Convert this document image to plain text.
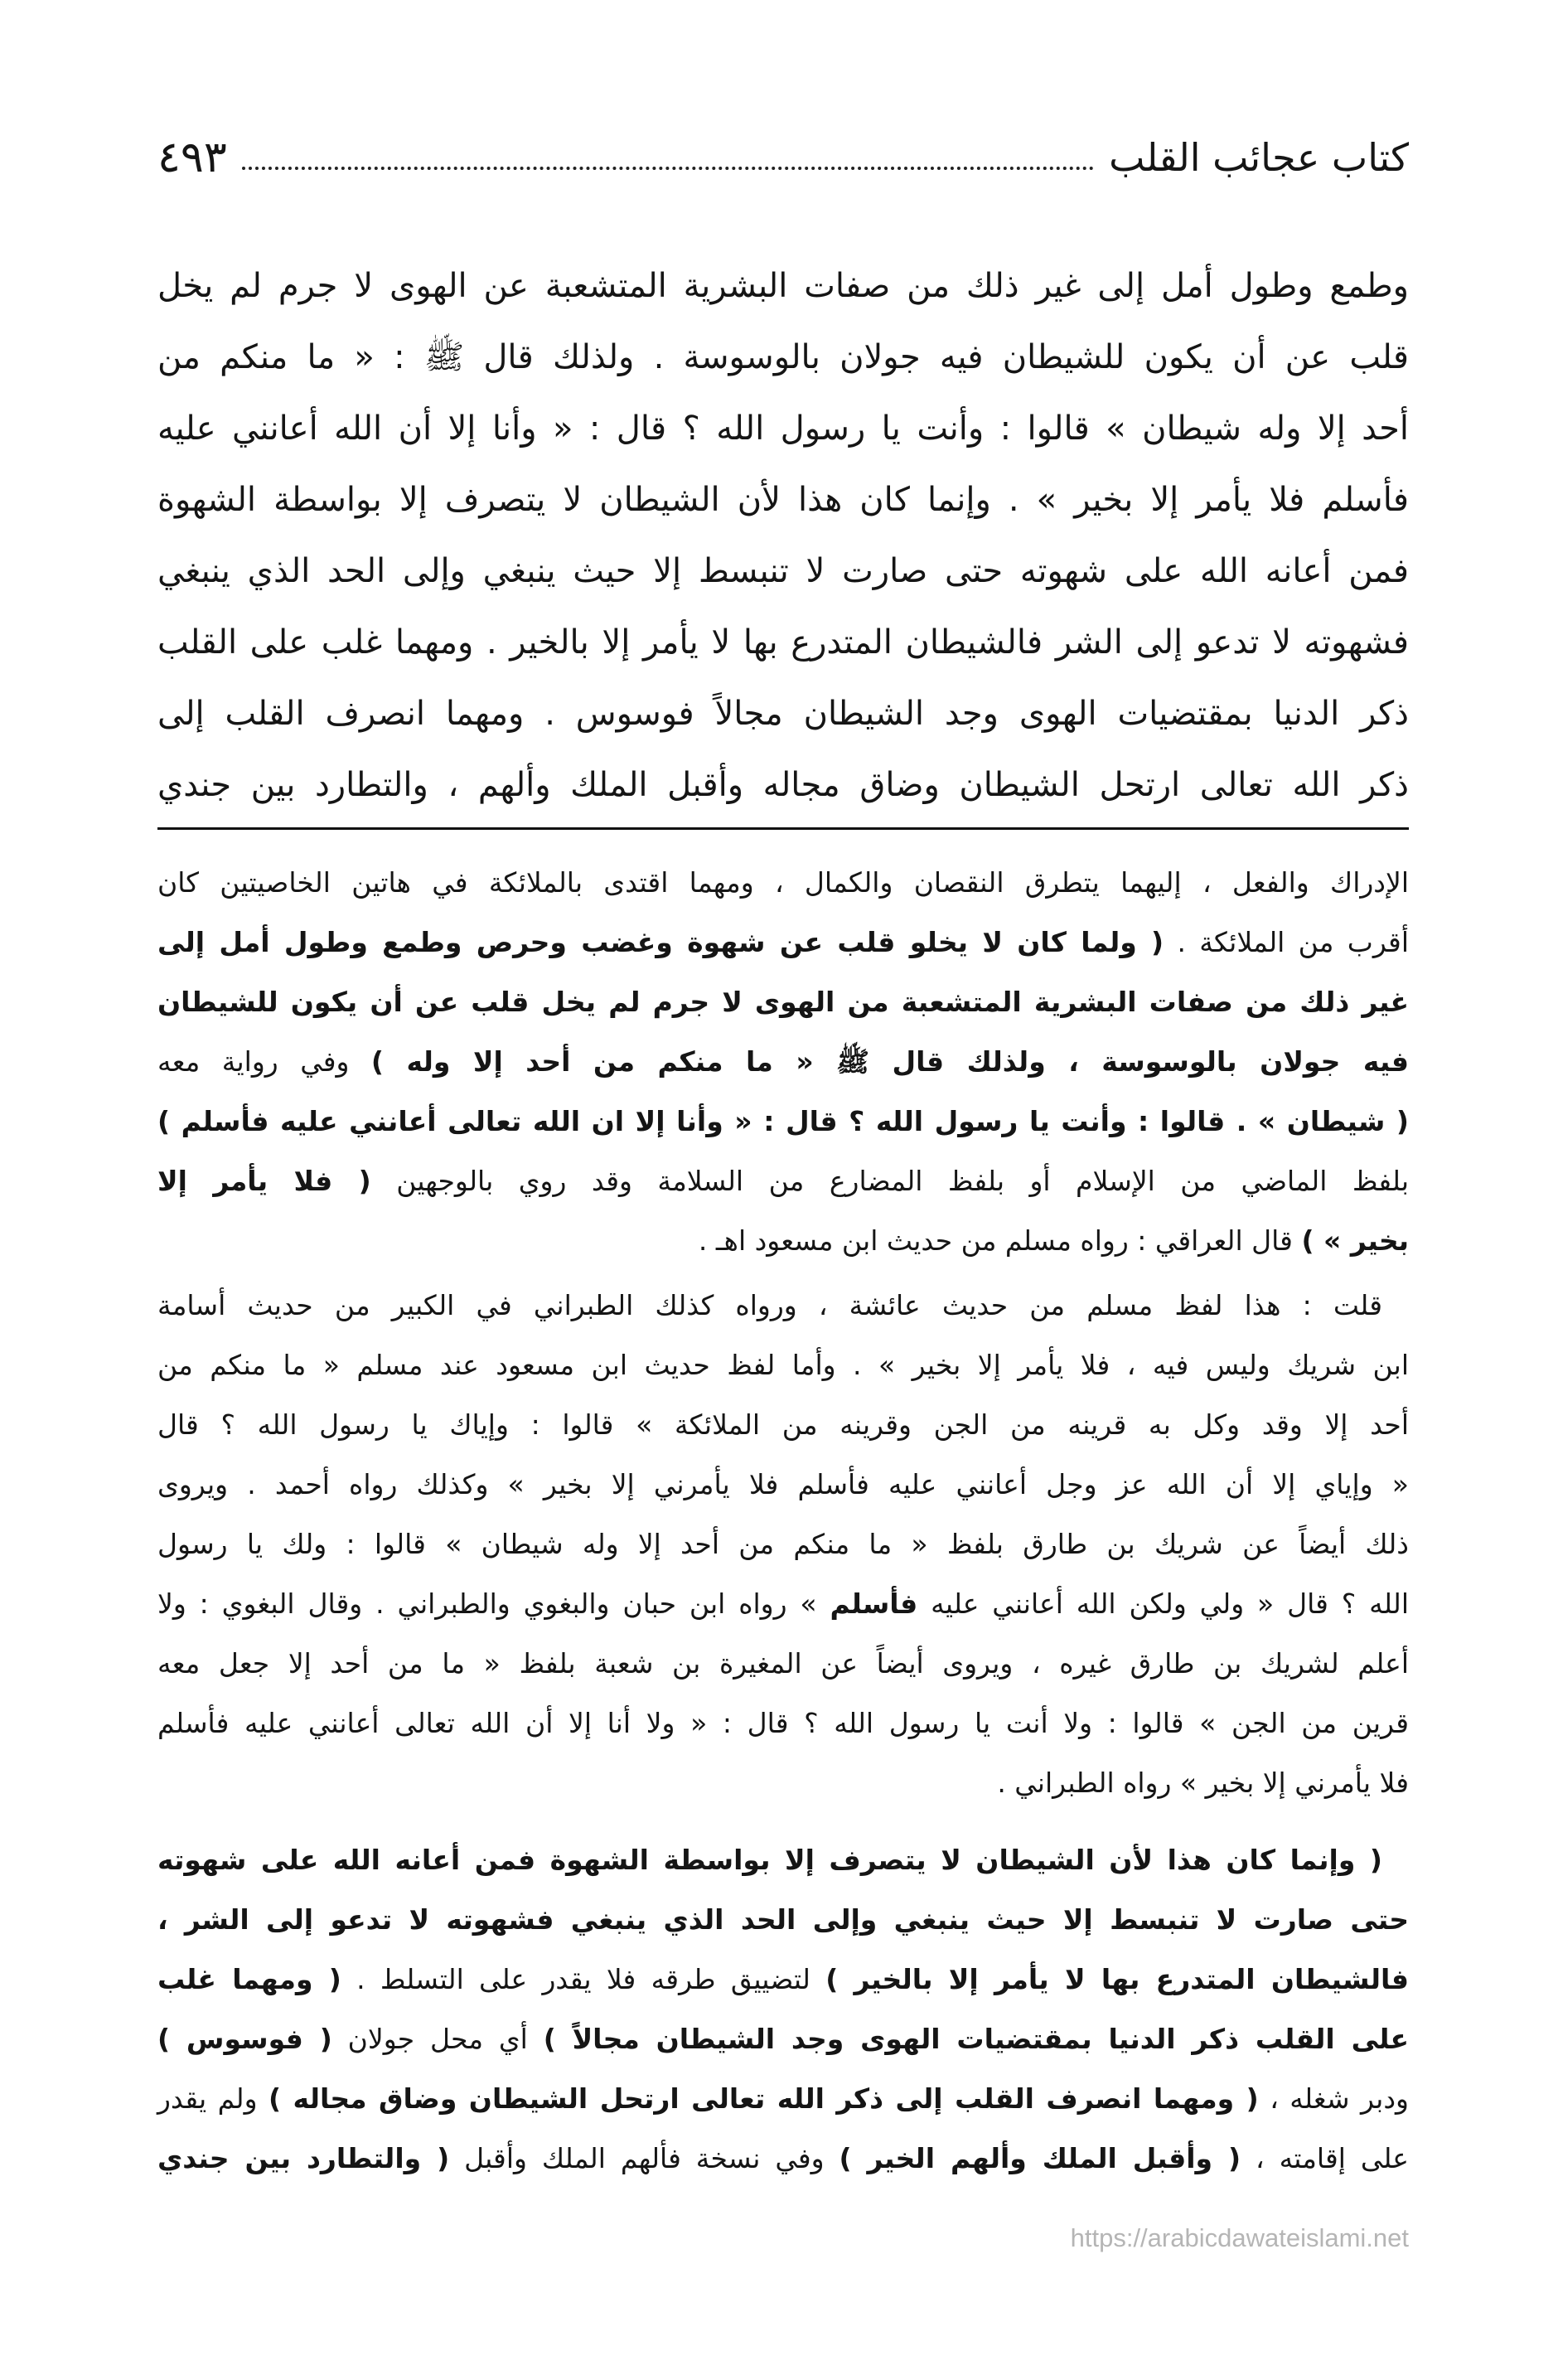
كتاب عجائب القلب
٤٩٣
وطمع وطول أمل إلى غير ذلك من صفات البشرية المتشعبة عن الهوى لا جرم لم يخل
قلب عن أن يكون للشيطان فيه جولان بالوسوسة . ولذلك قال ﷺ : « ما منكم من
أحد إلا وله شيطان » قالوا : وأنت يا رسول الله ؟ قال : « وأنا إلا أن الله أعانني عليه
فأسلم فلا يأمر إلا بخير » . وإنما كان هذا لأن الشيطان لا يتصرف إلا بواسطة الشهوة
فمن أعانه الله على شهوته حتى صارت لا تنبسط إلا حيث ينبغي وإلى الحد الذي ينبغي
فشهوته لا تدعو إلى الشر فالشيطان المتدرع بها لا يأمر إلا بالخير . ومهما غلب على القلب
ذكر الدنيا بمقتضيات الهوى وجد الشيطان مجالاً فوسوس . ومهما انصرف القلب إلى
ذكر الله تعالى ارتحل الشيطان وضاق مجاله وأقبل الملك وألهم ، والتطارد بين جندي
الإدراك والفعل ، إليهما يتطرق النقصان والكمال ، ومهما اقتدى بالملائكة في هاتين الخاصيتين كان
أقرب من الملائكة . ( ولما كان لا يخلو قلب عن شهوة وغضب وحرص وطمع وطول أمل إلى
غير ذلك من صفات البشرية المتشعبة من الهوى لا جرم لم يخل قلب عن أن يكون للشيطان
فيه جولان بالوسوسة ، ولذلك قال ﷺ « ما منكم من أحد إلا وله ) وفي رواية معه
( شيطان » . قالوا : وأنت يا رسول الله ؟ قال : « وأنا إلا ان الله تعالى أعانني عليه فأسلم )
بلفظ الماضي من الإسلام أو بلفظ المضارع من السلامة وقد روي بالوجهين ( فلا يأمر إلا
بخير » ) قال العراقي : رواه مسلم من حديث ابن مسعود اهـ .
قلت : هذا لفظ مسلم من حديث عائشة ، ورواه كذلك الطبراني في الكبير من حديث أسامة
ابن شريك وليس فيه ، فلا يأمر إلا بخير » . وأما لفظ حديث ابن مسعود عند مسلم « ما منكم من
أحد إلا وقد وكل به قرينه من الجن وقرينه من الملائكة » قالوا : وإياك يا رسول الله ؟ قال
« وإياي إلا أن الله عز وجل أعانني عليه فأسلم فلا يأمرني إلا بخير » وكذلك رواه أحمد . ويروى
ذلك أيضاً عن شريك بن طارق بلفظ « ما منكم من أحد إلا وله شيطان » قالوا : ولك يا رسول
الله ؟ قال « ولي ولكن الله أعانني عليه فأسلم » رواه ابن حبان والبغوي والطبراني . وقال البغوي : ولا
أعلم لشريك بن طارق غيره ، ويروى أيضاً عن المغيرة بن شعبة بلفظ « ما من أحد إلا جعل معه
قرين من الجن » قالوا : ولا أنت يا رسول الله ؟ قال : « ولا أنا إلا أن الله تعالى أعانني عليه فأسلم
فلا يأمرني إلا بخير » رواه الطبراني .
( وإنما كان هذا لأن الشيطان لا يتصرف إلا بواسطة الشهوة فمن أعانه الله على شهوته
حتى صارت لا تنبسط إلا حيث ينبغي وإلى الحد الذي ينبغي فشهوته لا تدعو إلى الشر ،
فالشيطان المتدرع بها لا يأمر إلا بالخير ) لتضييق طرقه فلا يقدر على التسلط . ( ومهما غلب
على القلب ذكر الدنيا بمقتضيات الهوى وجد الشيطان مجالاً ) أي محل جولان ( فوسوس )
ودبر شغله ، ( ومهما انصرف القلب إلى ذكر الله تعالى ارتحل الشيطان وضاق مجاله ) ولم يقدر
على إقامته ، ( وأقبل الملك وألهم الخير ) وفي نسخة فألهم الملك وأقبل ( والتطارد بين جندي
https://arabicdawateislami.net
